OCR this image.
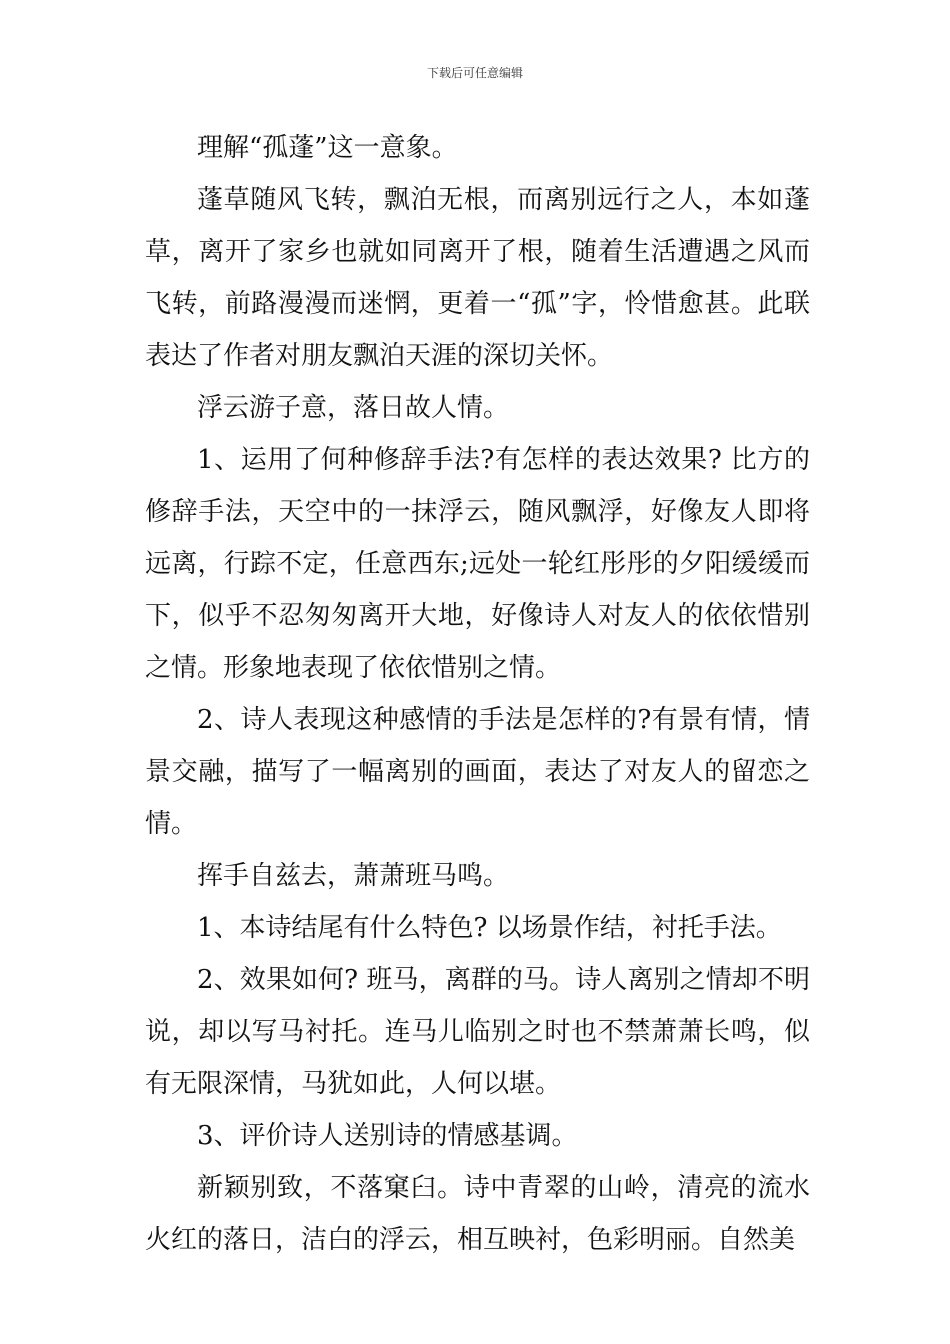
下载后可任意编辑

理解“孤蓬”这一意象。

蓬草随风飞转，飘泊无根，而离别远行之人，本如蓬草，离开了家乡也就如同离开了根，随着生活遭遇之风而飞转，前路漫漫而迷惘，更着一“孤”字，怜惜愈甚。此联表达了作者对朋友飘泊天涯的深切关怀。

浮云游子意，落日故人情。

1、运用了何种修辞手法?有怎样的表达效果? 比方的修辞手法，天空中的一抹浮云，随风飘浮，好像友人即将远离，行踪不定，任意西东;远处一轮红彤彤的夕阳缓缓而下，似乎不忍匆匆离开大地，好像诗人对友人的依依惜别之情。形象地表现了依依惜别之情。

2、诗人表现这种感情的手法是怎样的?有景有情，情景交融，描写了一幅离别的画面，表达了对友人的留恋之情。

挥手自兹去，萧萧班马鸣。

1、本诗结尾有什么特色? 以场景作结，衬托手法。

2、效果如何? 班马，离群的马。诗人离别之情却不明说，却以写马衬托。连马儿临别之时也不禁萧萧长鸣，似有无限深情，马犹如此，人何以堪。

3、评价诗人送别诗的情感基调。

新颖别致，不落窠臼。诗中青翠的山岭，清亮的流水火红的落日，洁白的浮云，相互映衬，色彩明丽。自然美
